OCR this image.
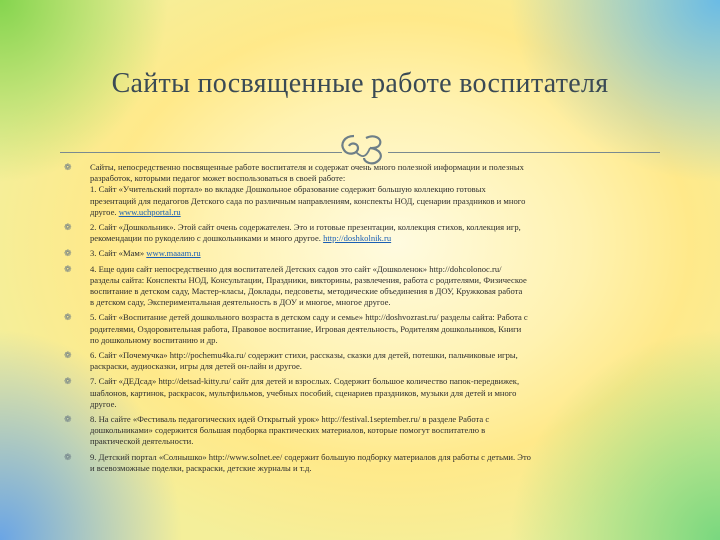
Сайты посвященные работе воспитателя
❁ Сайты, непосредственно посвященные работе воспитателя и содержат очень много полезной информации и полезных
разработок, которыми педагог может воспользоваться в своей работе:
1. Сайт «Учительский портал» во вкладке Дошкольное образование содержит большую коллекцию готовых
презентаций для педагогов Детского сада по различным направлениям, конспекты НОД, сценарии праздников и много
другое. www.uchportal.ru
❁ 2. Сайт «Дошкольник». Этой сайт очень содержателен. Это и готовые презентации, коллекция стихов, коллекция игр,
рекомендации по рукоделию с дошкольниками и много другое. http://doshkolnik.ru
❁ 3. Сайт «Мам» www.maaam.ru
❁ 4. Еще один сайт непосредственно для воспитателей Детских садов это сайт «Дошколенок» http://dohcolonoc.ru/
разделы сайта: Конспекты НОД, Консультации, Праздники, викторины, развлечения, работа с родителями, Физическое
воспитание в детском саду, Мастер-класы, Доклады, педсоветы, методические объединения в ДОУ, Кружковая работа
в детском саду, Экспериментальная деятельность в ДОУ и многое, многое другое.
❁ 5. Сайт «Воспитание детей дошкольного возраста в детском саду и семье» http://doshvozrast.ru/ разделы сайта: Работа с
родителями, Оздоровительная работа, Правовое воспитание, Игровая деятельность, Родителям дошкольников, Книги
по дошкольному воспитанию и др.
❁ 6. Сайт «Почемучка» http://pochemu4ka.ru/ содержит стихи, рассказы, сказки для детей, потешки, пальчиковые игры,
раскраски, аудиосказки, игры для детей он-лайн и другое.
❁ 7. Сайт «ДЕДсад» http://detsad-kitty.ru/ сайт для детей и взрослых. Содержит большое количество папок-передвижек,
шаблонов, картинок, раскрасок, мультфильмов, учебных пособий, сценариев праздников, музыки для детей и много
другое.
❁ 8. На сайте «Фестиваль педагогических идей Открытый урок» http://festival.1september.ru/ в разделе Работа с
дошкольниками» содержится большая подборка практических материалов, которые помогут воспитателю в
практической деятельности.
❁ 9. Детский портал «Солнышко» http://www.solnet.ee/ содержит большую подборку материалов для работы с детьми. Это
и всевозможные поделки, раскраски, детские журналы и т.д.
